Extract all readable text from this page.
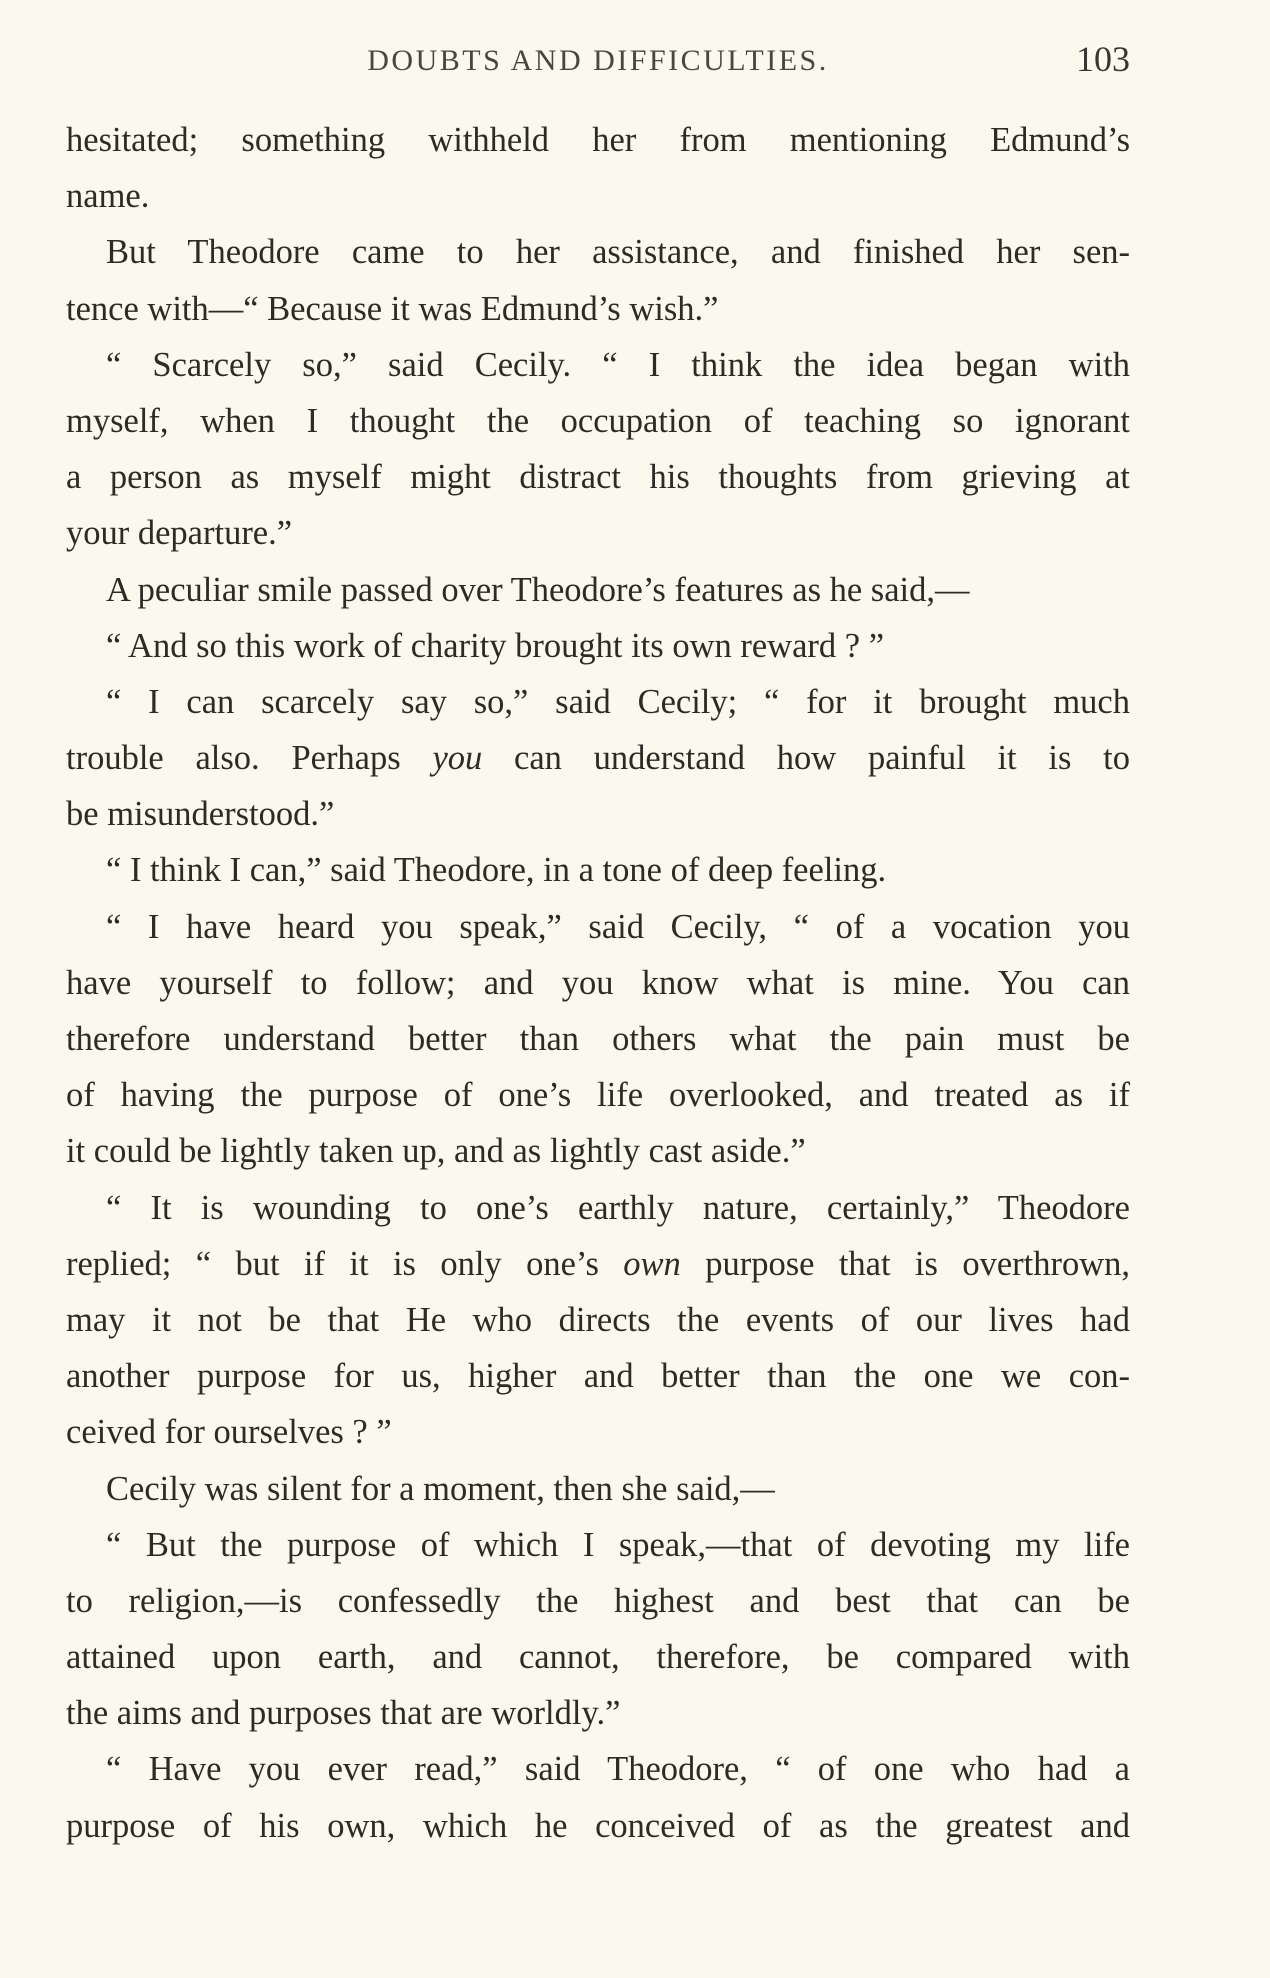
DOUBTS AND DIFFICULTIES.	103
hesitated; something withheld her from mentioning Edmund’s
name.
But Theodore came to her assistance, and finished her sen-
tence with—“ Because it was Edmund’s wish.”
“ Scarcely so,” said Cecily. “ I think the idea began with
myself, when I thought the occupation of teaching so ignorant
a person as myself might distract his thoughts from grieving at
your departure.”
A peculiar smile passed over Theodore’s features as he said,—
“ And so this work of charity brought its own reward ? ”
“ I can scarcely say so,” said Cecily; “ for it brought much
trouble also. Perhaps you can understand how painful it is to
be misunderstood.”
“ I think I can,” said Theodore, in a tone of deep feeling.
“ I have heard you speak,” said Cecily, “ of a vocation you
have yourself to follow; and you know what is mine. You can
therefore understand better than others what the pain must be
of having the purpose of one’s life overlooked, and treated as if
it could be lightly taken up, and as lightly cast aside.”
“ It is wounding to one’s earthly nature, certainly,” Theodore
replied; “ but if it is only one’s own purpose that is overthrown,
may it not be that He who directs the events of our lives had
another purpose for us, higher and better than the one we con-
ceived for ourselves ? ”
Cecily was silent for a moment, then she said,—
“ But the purpose of which I speak,—that of devoting my life
to religion,—is confessedly the highest and best that can be
attained upon earth, and cannot, therefore, be compared with
the aims and purposes that are worldly.”
“ Have you ever read,” said Theodore, “ of one who had a
purpose of his own, which he conceived of as the greatest and
